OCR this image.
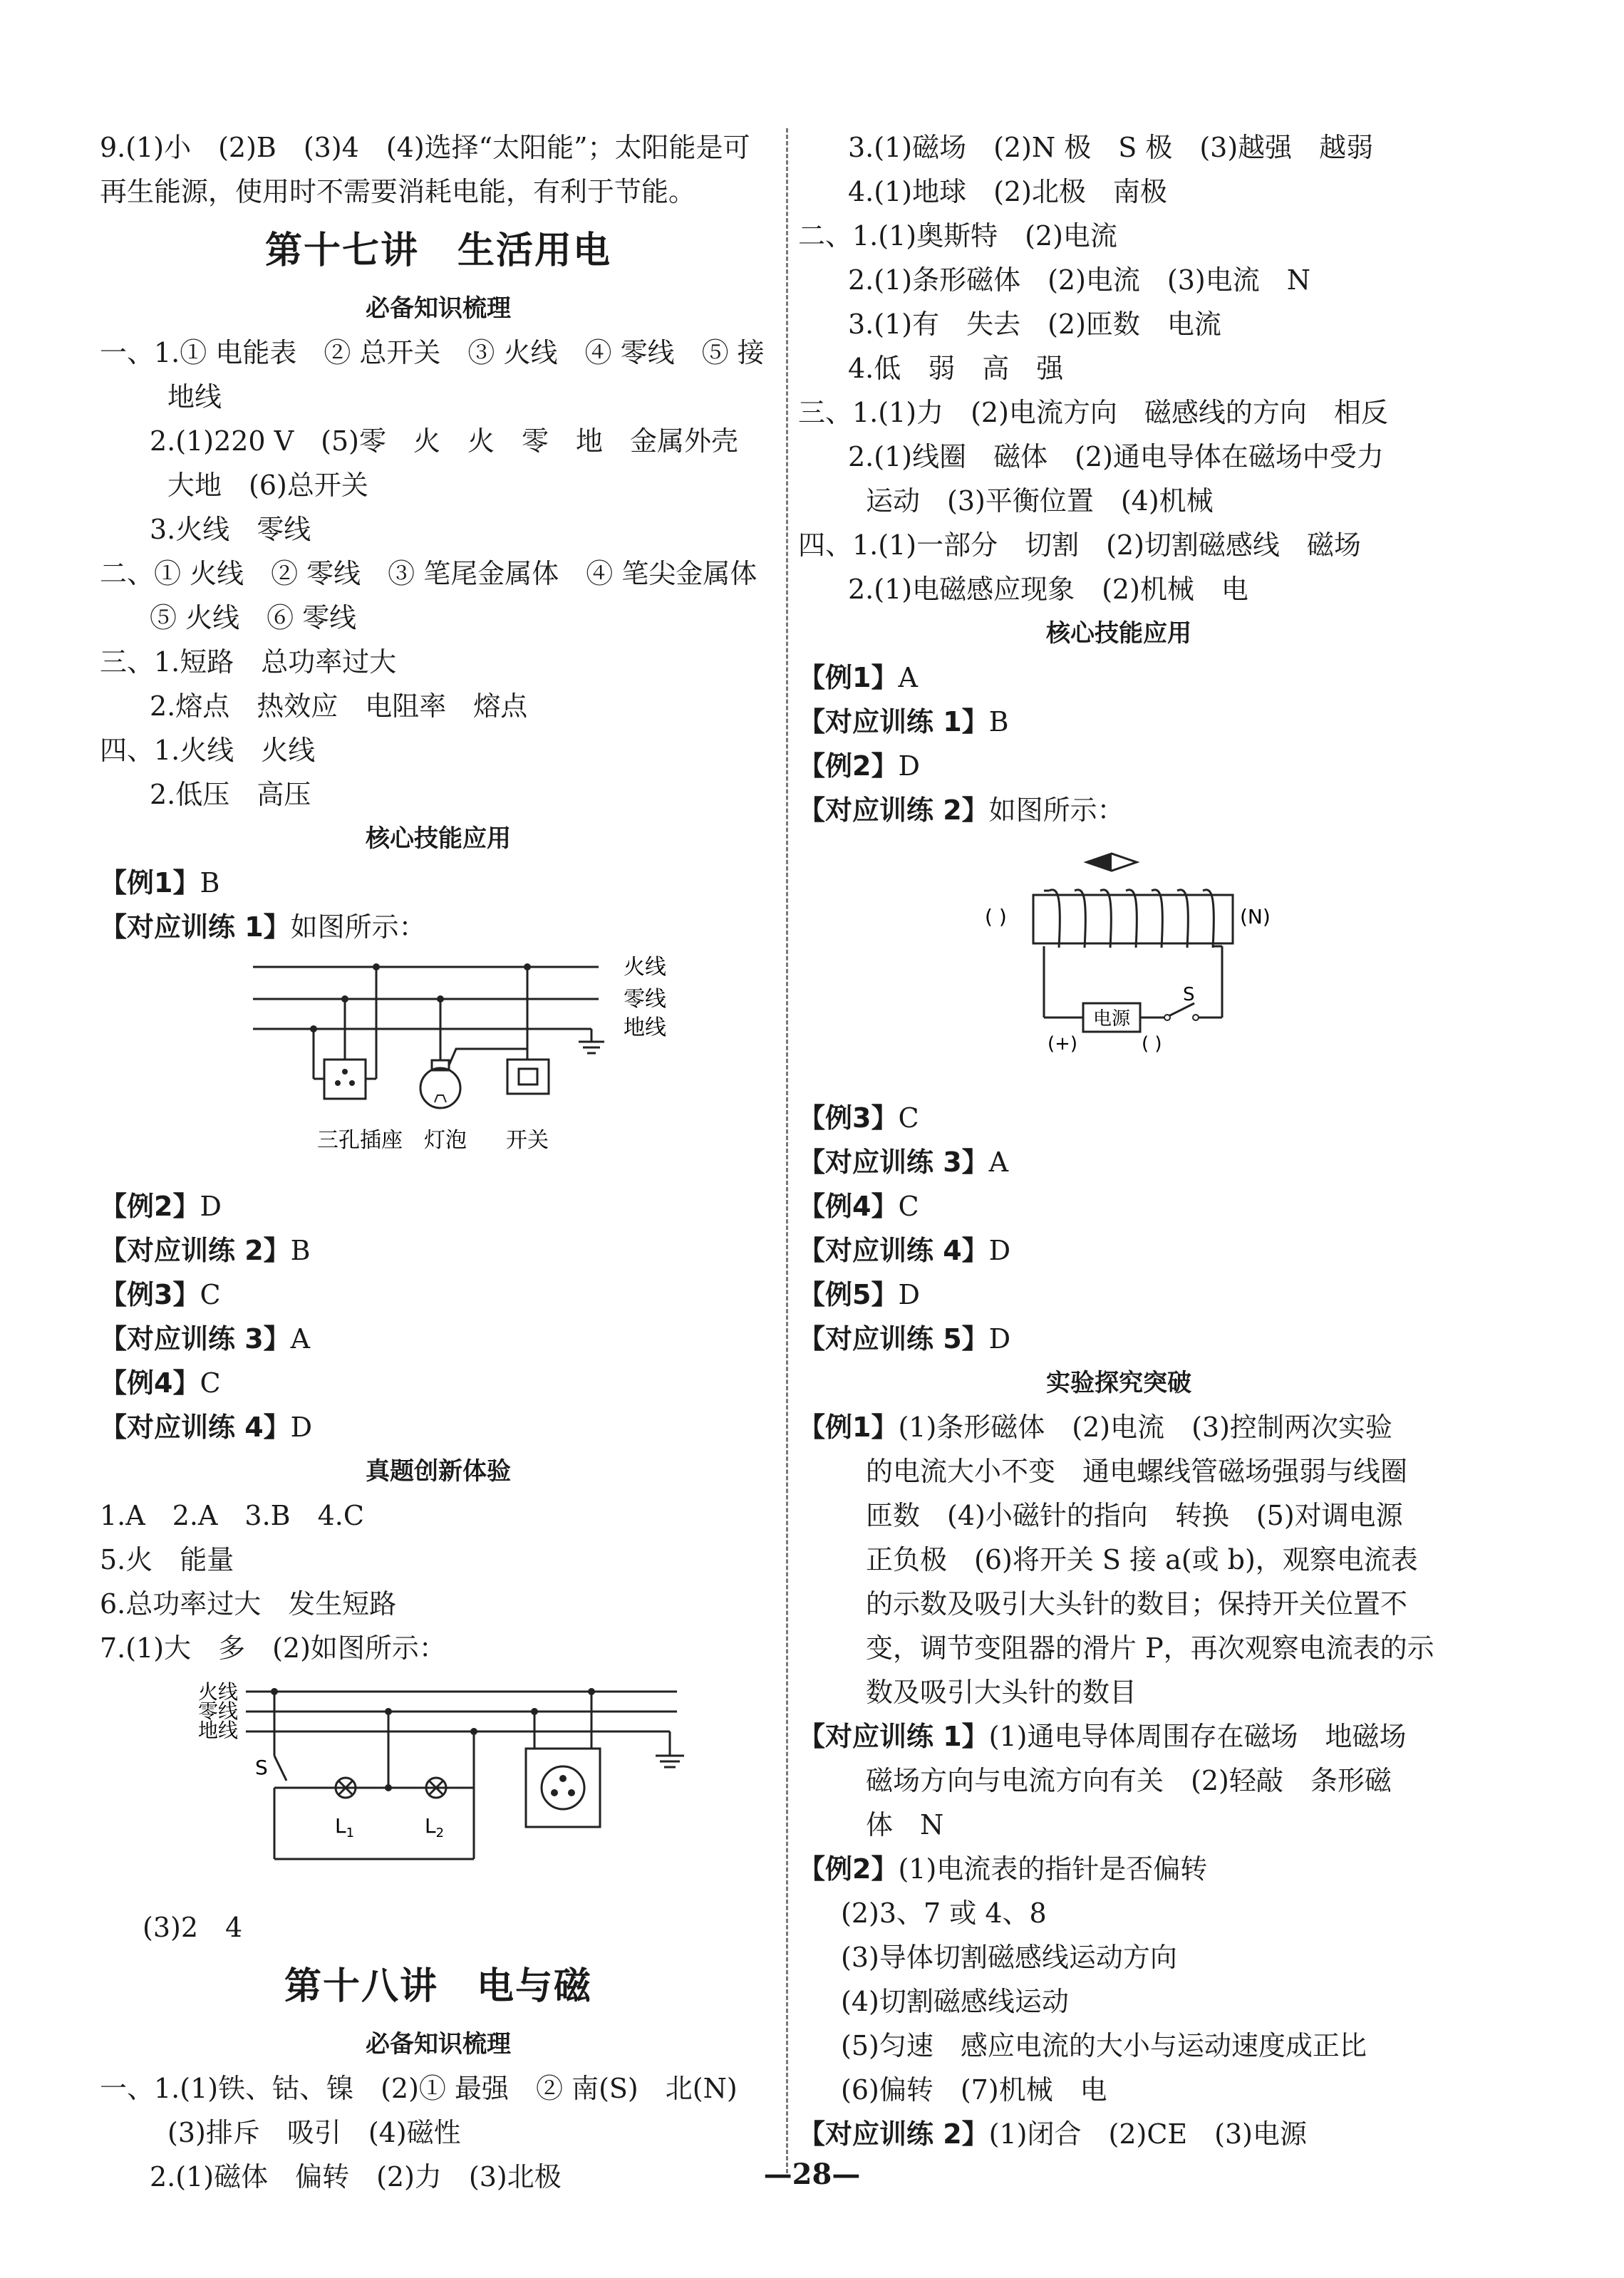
9.(1)小　(2)B　(3)4　(4)选择“太阳能”；太阳能是可
再生能源，使用时不需要消耗电能，有利于节能。
第十七讲　生活用电
必备知识梳理
一、1.① 电能表　② 总开关　③ 火线　④ 零线　⑤ 接
地线
2.(1)220 V　(5)零　火　火　零　地　金属外壳
大地　(6)总开关
3.火线　零线
二、① 火线　② 零线　③ 笔尾金属体　④ 笔尖金属体
⑤ 火线　⑥ 零线
三、1.短路　总功率过大
2.熔点　热效应　电阻率　熔点
四、1.火线　火线
2.低压　高压
核心技能应用
【例1】B
【对应训练 1】如图所示：
火线
零线
地线
三孔插座 灯泡 开关
【例2】D
【对应训练 2】B
【例3】C
【对应训练 3】A
【例4】C
【对应训练 4】D
真题创新体验
1.A　2.A　3.B　4.C
5.火　能量
6.总功率过大　发生短路
7.(1)大　多　(2)如图所示：
火线
零线
地线
S
$L_1$	$L_2$
(3)2　4
第十八讲　电与磁
必备知识梳理
一、1.(1)铁、钴、镍　(2)① 最强　② 南(S)　北(N)
(3)排斥　吸引　(4)磁性
2.(1)磁体　偏转　(2)力　(3)北极
3.(1)磁场　(2)N 极　S 极　(3)越强　越弱
4.(1)地球　(2)北极　南极
二、1.(1)奥斯特　(2)电流
2.(1)条形磁体　(2)电流　(3)电流　N
3.(1)有　失去　(2)匝数　电流
4.低　弱　高　强
三、1.(1)力　(2)电流方向　磁感线的方向　相反
2.(1)线圈　磁体　(2)通电导体在磁场中受力
运动　(3)平衡位置　(4)机械
四、1.(1)一部分　切割　(2)切割磁感线　磁场
2.(1)电磁感应现象　(2)机械　电
核心技能应用
【例1】A
【对应训练 1】B
【例2】D
【对应训练 2】如图所示：
( )	(N)
电源
(+)	( )
S
【例3】C
【对应训练 3】A
【例4】C
【对应训练 4】D
【例5】D
【对应训练 5】D
实验探究突破
【例1】(1)条形磁体　(2)电流　(3)控制两次实验
的电流大小不变　通电螺线管磁场强弱与线圈
匝数　(4)小磁针的指向　转换　(5)对调电源
正负极　(6)将开关 S 接 a(或 b)，观察电流表
的示数及吸引大头针的数目；保持开关位置不
变，调节变阻器的滑片 P，再次观察电流表的示
数及吸引大头针的数目
【对应训练 1】(1)通电导体周围存在磁场　地磁场
磁场方向与电流方向有关　(2)轻敲　条形磁
体　N
【例2】(1)电流表的指针是否偏转
(2)3、7 或 4、8
(3)导体切割磁感线运动方向
(4)切割磁感线运动
(5)匀速　感应电流的大小与运动速度成正比
(6)偏转　(7)机械　电
【对应训练 2】(1)闭合　(2)CE　(3)电源
—28—
